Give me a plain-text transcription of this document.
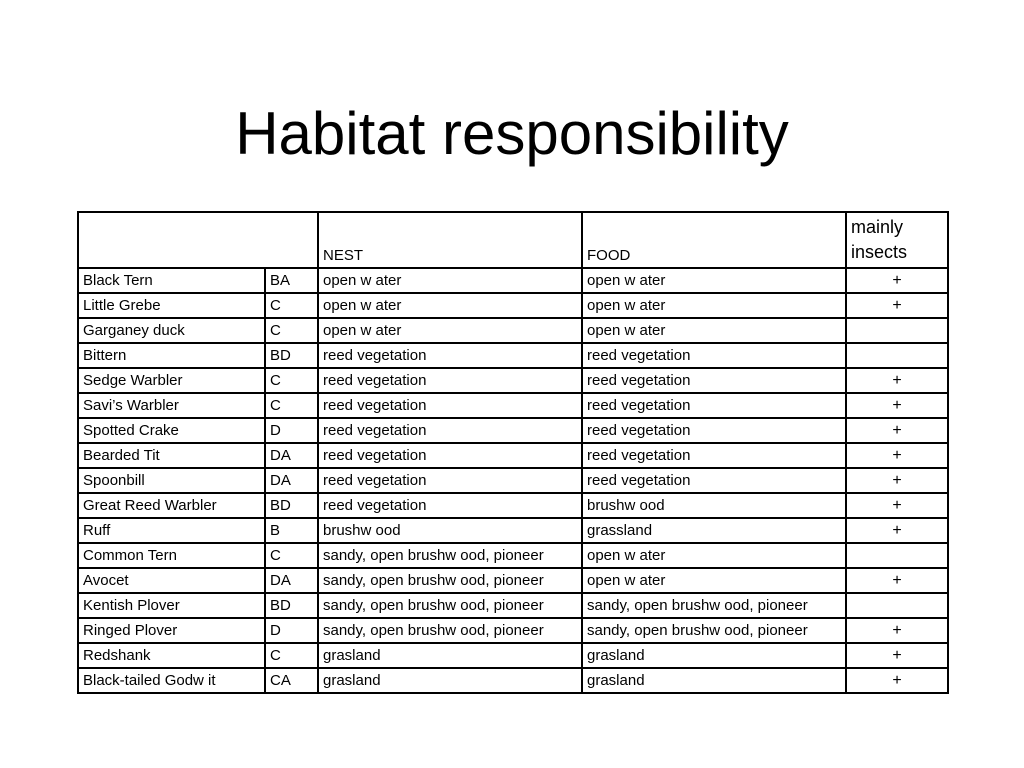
Habitat responsibility
		NEST	FOOD	mainly insects
Black Tern	BA	open w ater	open w ater	+
Little Grebe	C	open w ater	open w ater	+
Garganey duck	C	open w ater	open w ater	
Bittern	BD	reed vegetation	reed vegetation	
Sedge Warbler	C	reed vegetation	reed vegetation	+
Savi’s Warbler	C	reed vegetation	reed vegetation	+
Spotted Crake	D	reed vegetation	reed vegetation	+
Bearded Tit	DA	reed vegetation	reed vegetation	+
Spoonbill	DA	reed vegetation	reed vegetation	+
Great Reed Warbler	BD	reed vegetation	brushw ood	+
Ruff	B	brushw ood	grassland	+
Common Tern	C	sandy, open brushw ood, pioneer	open w ater	
Avocet	DA	sandy, open brushw ood, pioneer	open w ater	+
Kentish Plover	BD	sandy, open brushw ood, pioneer	sandy, open brushw ood, pioneer	
Ringed Plover	D	sandy, open brushw ood, pioneer	sandy, open brushw ood, pioneer	+
Redshank	C	grasland	grasland	+
Black-tailed Godw it	CA	grasland	grasland	+
